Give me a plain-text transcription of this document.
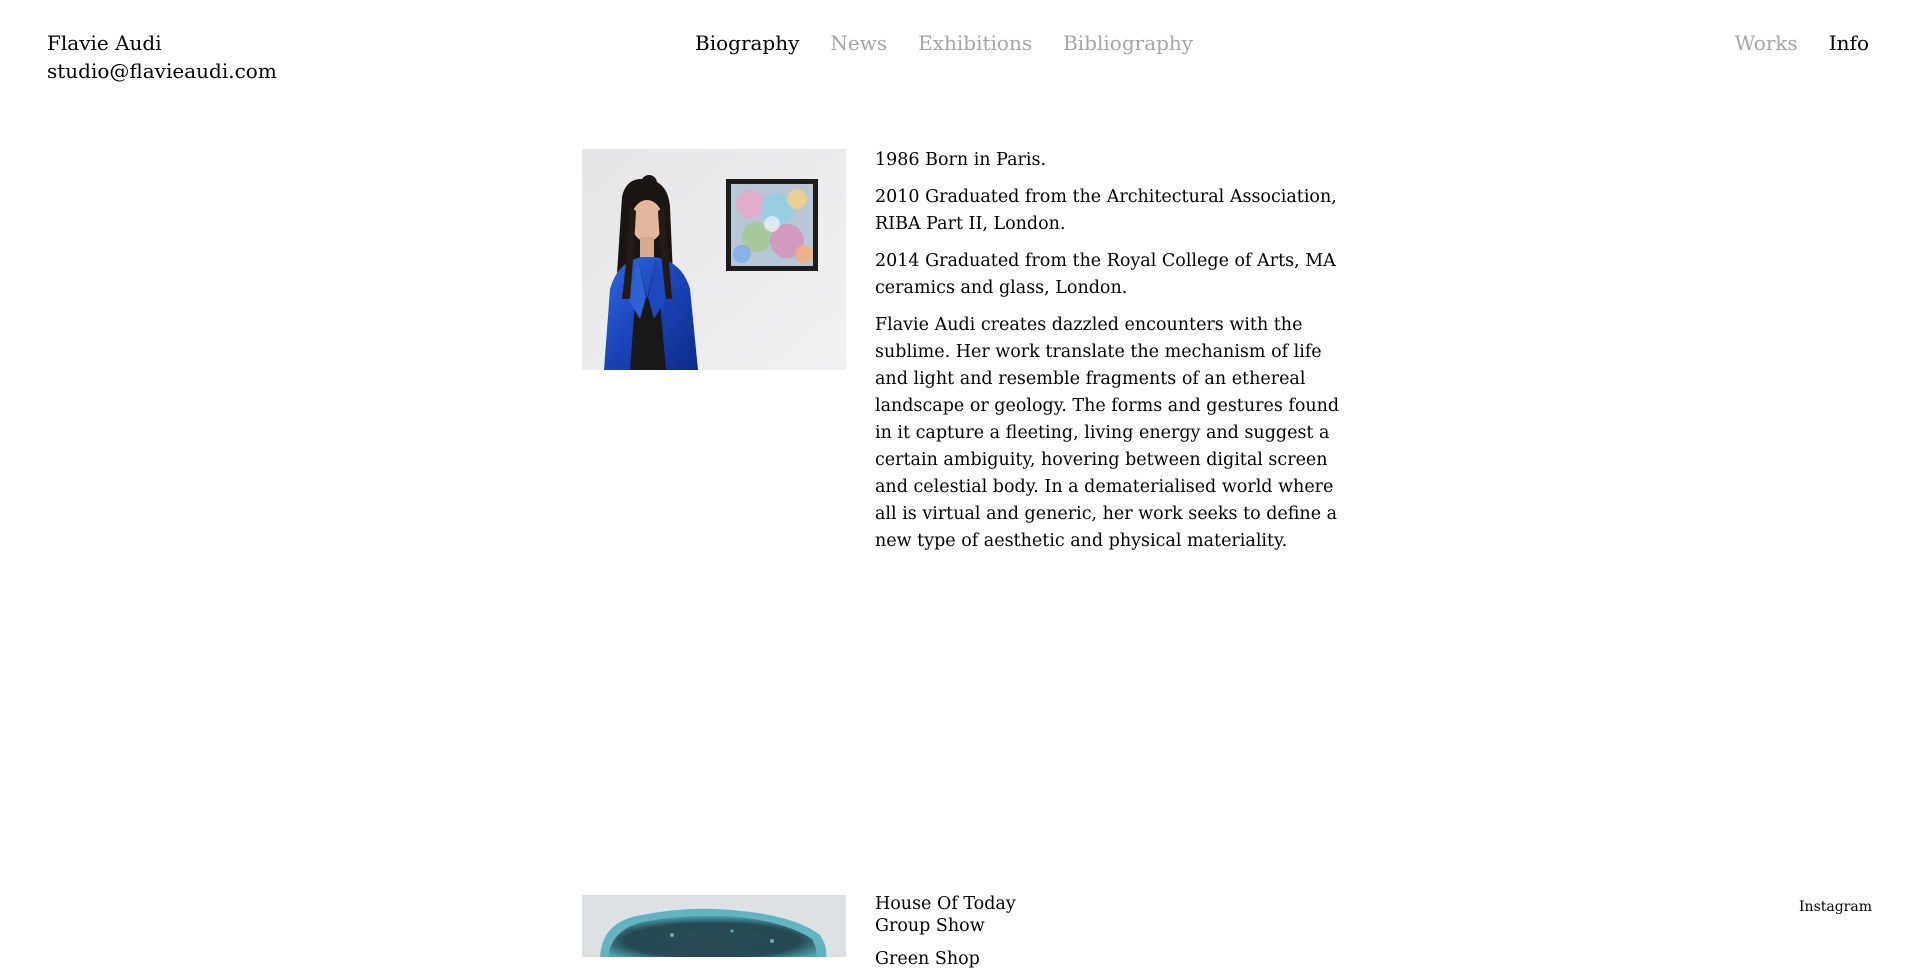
Flavie Audi
studio@flavieaudi.com
Biography News Exhibitions Bibliography	Works Info

1986 Born in Paris.

2010 Graduated from the Architectural Association, RIBA Part II, London.

2014 Graduated from the Royal College of Arts, MA ceramics and glass, London.

Flavie Audi creates dazzled encounters with the sublime. Her work translate the mechanism of life and light and resemble fragments of an ethereal landscape or geology. The forms and gestures found in it capture a fleeting, living energy and suggest a certain ambiguity, hovering between digital screen and celestial body. In a dematerialised world where all is virtual and generic, her work seeks to define a new type of aesthetic and physical materiality.

House Of Today
Group Show
Green Shop
Instagram
